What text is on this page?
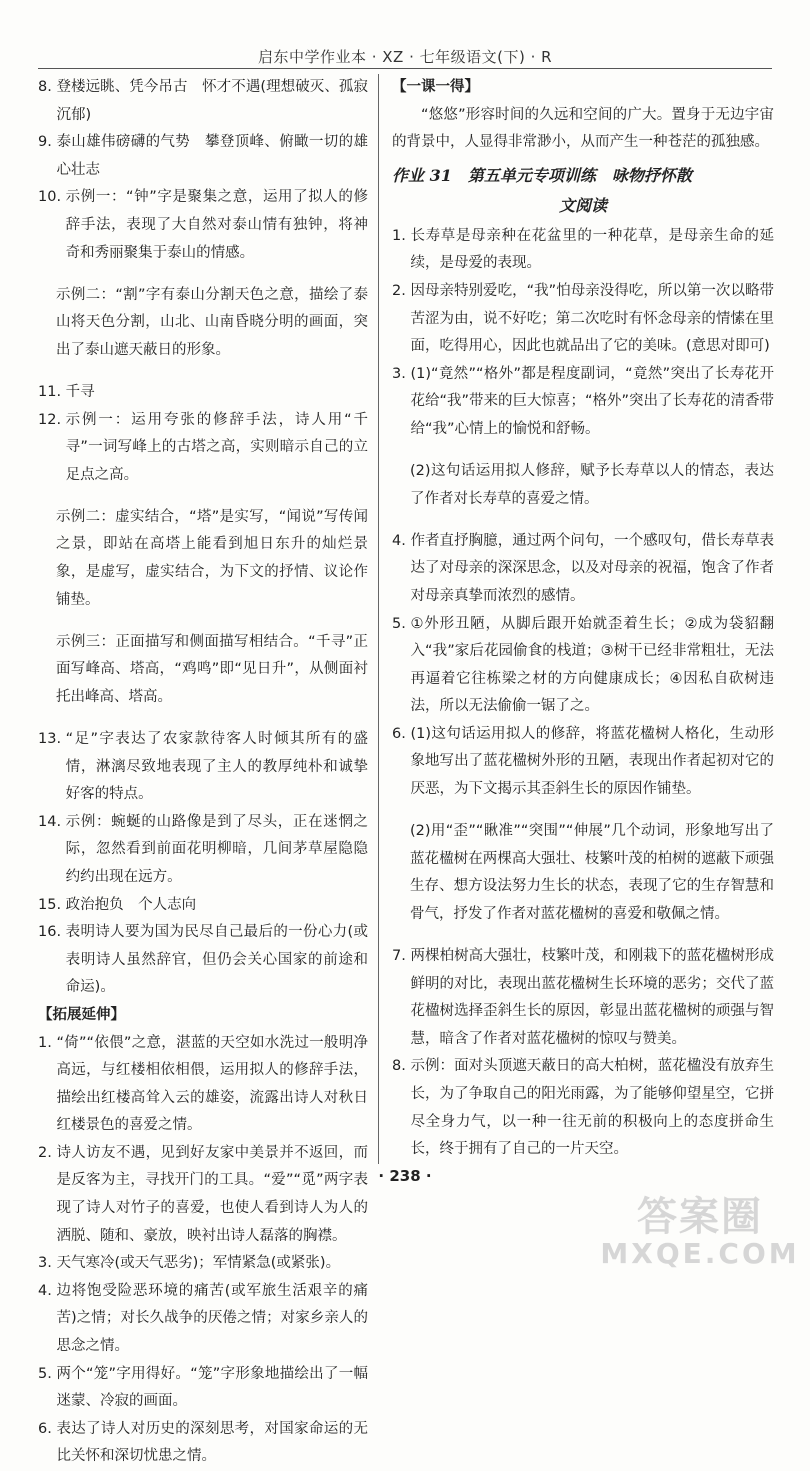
启东中学作业本 · XZ · 七年级语文(下) · R
8. 登楼远眺、凭今吊古　怀才不遇(理想破灭、孤寂沉郁)
9. 泰山雄伟磅礴的气势　攀登顶峰、俯瞰一切的雄心壮志
10. 示例一：“钟”字是聚集之意，运用了拟人的修辞手法，表现了大自然对泰山情有独钟，将神奇和秀丽聚集于泰山的情感。

示例二：“割”字有泰山分割天色之意，描绘了泰山将天色分割，山北、山南昏晓分明的画面，突出了泰山遮天蔽日的形象。

11. 千寻
12. 示例一：运用夸张的修辞手法，诗人用“千寻”一词写峰上的古塔之高，实则暗示自己的立足点之高。

示例二：虚实结合，“塔”是实写，“闻说”写传闻之景，即站在高塔上能看到旭日东升的灿烂景象，是虚写，虚实结合，为下文的抒情、议论作铺垫。

示例三：正面描写和侧面描写相结合。“千寻”正面写峰高、塔高，“鸡鸣”即“见日升”，从侧面衬托出峰高、塔高。

13. “足”字表达了农家款待客人时倾其所有的盛情，淋漓尽致地表现了主人的教厚纯朴和诚挚好客的特点。
14. 示例：蜿蜒的山路像是到了尽头，正在迷惘之际，忽然看到前面花明柳暗，几间茅草屋隐隐约约出现在远方。
15. 政治抱负　个人志向
16. 表明诗人要为国为民尽自己最后的一份心力(或表明诗人虽然辞官，但仍会关心国家的前途和命运)。

【拓展延伸】

1. “倚”“依偎”之意，湛蓝的天空如水洗过一般明净高远，与红楼相依相偎，运用拟人的修辞手法，描绘出红楼高耸入云的雄姿，流露出诗人对秋日红楼景色的喜爱之情。
2. 诗人访友不遇，见到好友家中美景并不返回，而是反客为主，寻找开门的工具。“爱”“觅”两字表现了诗人对竹子的喜爱，也使人看到诗人为人的洒脱、随和、豪放，映衬出诗人磊落的胸襟。
3. 天气寒冷(或天气恶劣)；军情紧急(或紧张)。
4. 边将饱受险恶环境的痛苦(或军旅生活艰辛的痛苦)之情；对长久战争的厌倦之情；对家乡亲人的思念之情。
5. 两个“笼”字用得好。“笼”字形象地描绘出了一幅迷蒙、冷寂的画面。
6. 表达了诗人对历史的深刻思考，对国家命运的无比关怀和深切忧患之情。

【一课一得】

“悠悠”形容时间的久远和空间的广大。置身于无边宇宙的背景中，人显得非常渺小，从而产生一种苍茫的孤独感。

作业 31　第五单元专项训练　咏物抒怀散

文阅读

1. 长寿草是母亲种在花盆里的一种花草，是母亲生命的延续，是母爱的表现。
2. 因母亲特别爱吃，“我”怕母亲没得吃，所以第一次以略带苦涩为由，说不好吃；第二次吃时有怀念母亲的情愫在里面，吃得用心，因此也就品出了它的美味。(意思对即可)
3. (1)“竟然”“格外”都是程度副词，“竟然”突出了长寿花开花给“我”带来的巨大惊喜；“格外”突出了长寿花的清香带给“我”心情上的愉悦和舒畅。

(2)这句话运用拟人修辞，赋予长寿草以人的情态，表达了作者对长寿草的喜爱之情。

4. 作者直抒胸臆，通过两个问句，一个感叹句，借长寿草表达了对母亲的深深思念，以及对母亲的祝福，饱含了作者对母亲真挚而浓烈的感情。
5. ①外形丑陋，从脚后跟开始就歪着生长；②成为袋貂翻入“我”家后花园偷食的栈道；③树干已经非常粗壮，无法再逼着它往栋梁之材的方向健康成长；④因私自砍树违法，所以无法偷偷一锯了之。
6. (1)这句话运用拟人的修辞，将蓝花楹树人格化，生动形象地写出了蓝花楹树外形的丑陋，表现出作者起初对它的厌恶，为下文揭示其歪斜生长的原因作铺垫。

(2)用“歪”“瞅准”“突围”“伸展”几个动词，形象地写出了蓝花楹树在两棵高大强壮、枝繁叶茂的柏树的遮蔽下顽强生存、想方设法努力生长的状态，表现了它的生存智慧和骨气，抒发了作者对蓝花楹树的喜爱和敬佩之情。

7. 两棵柏树高大强壮，枝繁叶茂，和刚栽下的蓝花楹树形成鲜明的对比，表现出蓝花楹树生长环境的恶劣；交代了蓝花楹树选择歪斜生长的原因，彰显出蓝花楹树的顽强与智慧，暗含了作者对蓝花楹树的惊叹与赞美。
8. 示例：面对头顶遮天蔽日的高大柏树，蓝花楹没有放弃生长，为了争取自己的阳光雨露，为了能够仰望星空，它拼尽全身力气，以一种一往无前的积极向上的态度拼命生长，终于拥有了自己的一片天空。
· 238 ·
答案圈
MXQE.COM
